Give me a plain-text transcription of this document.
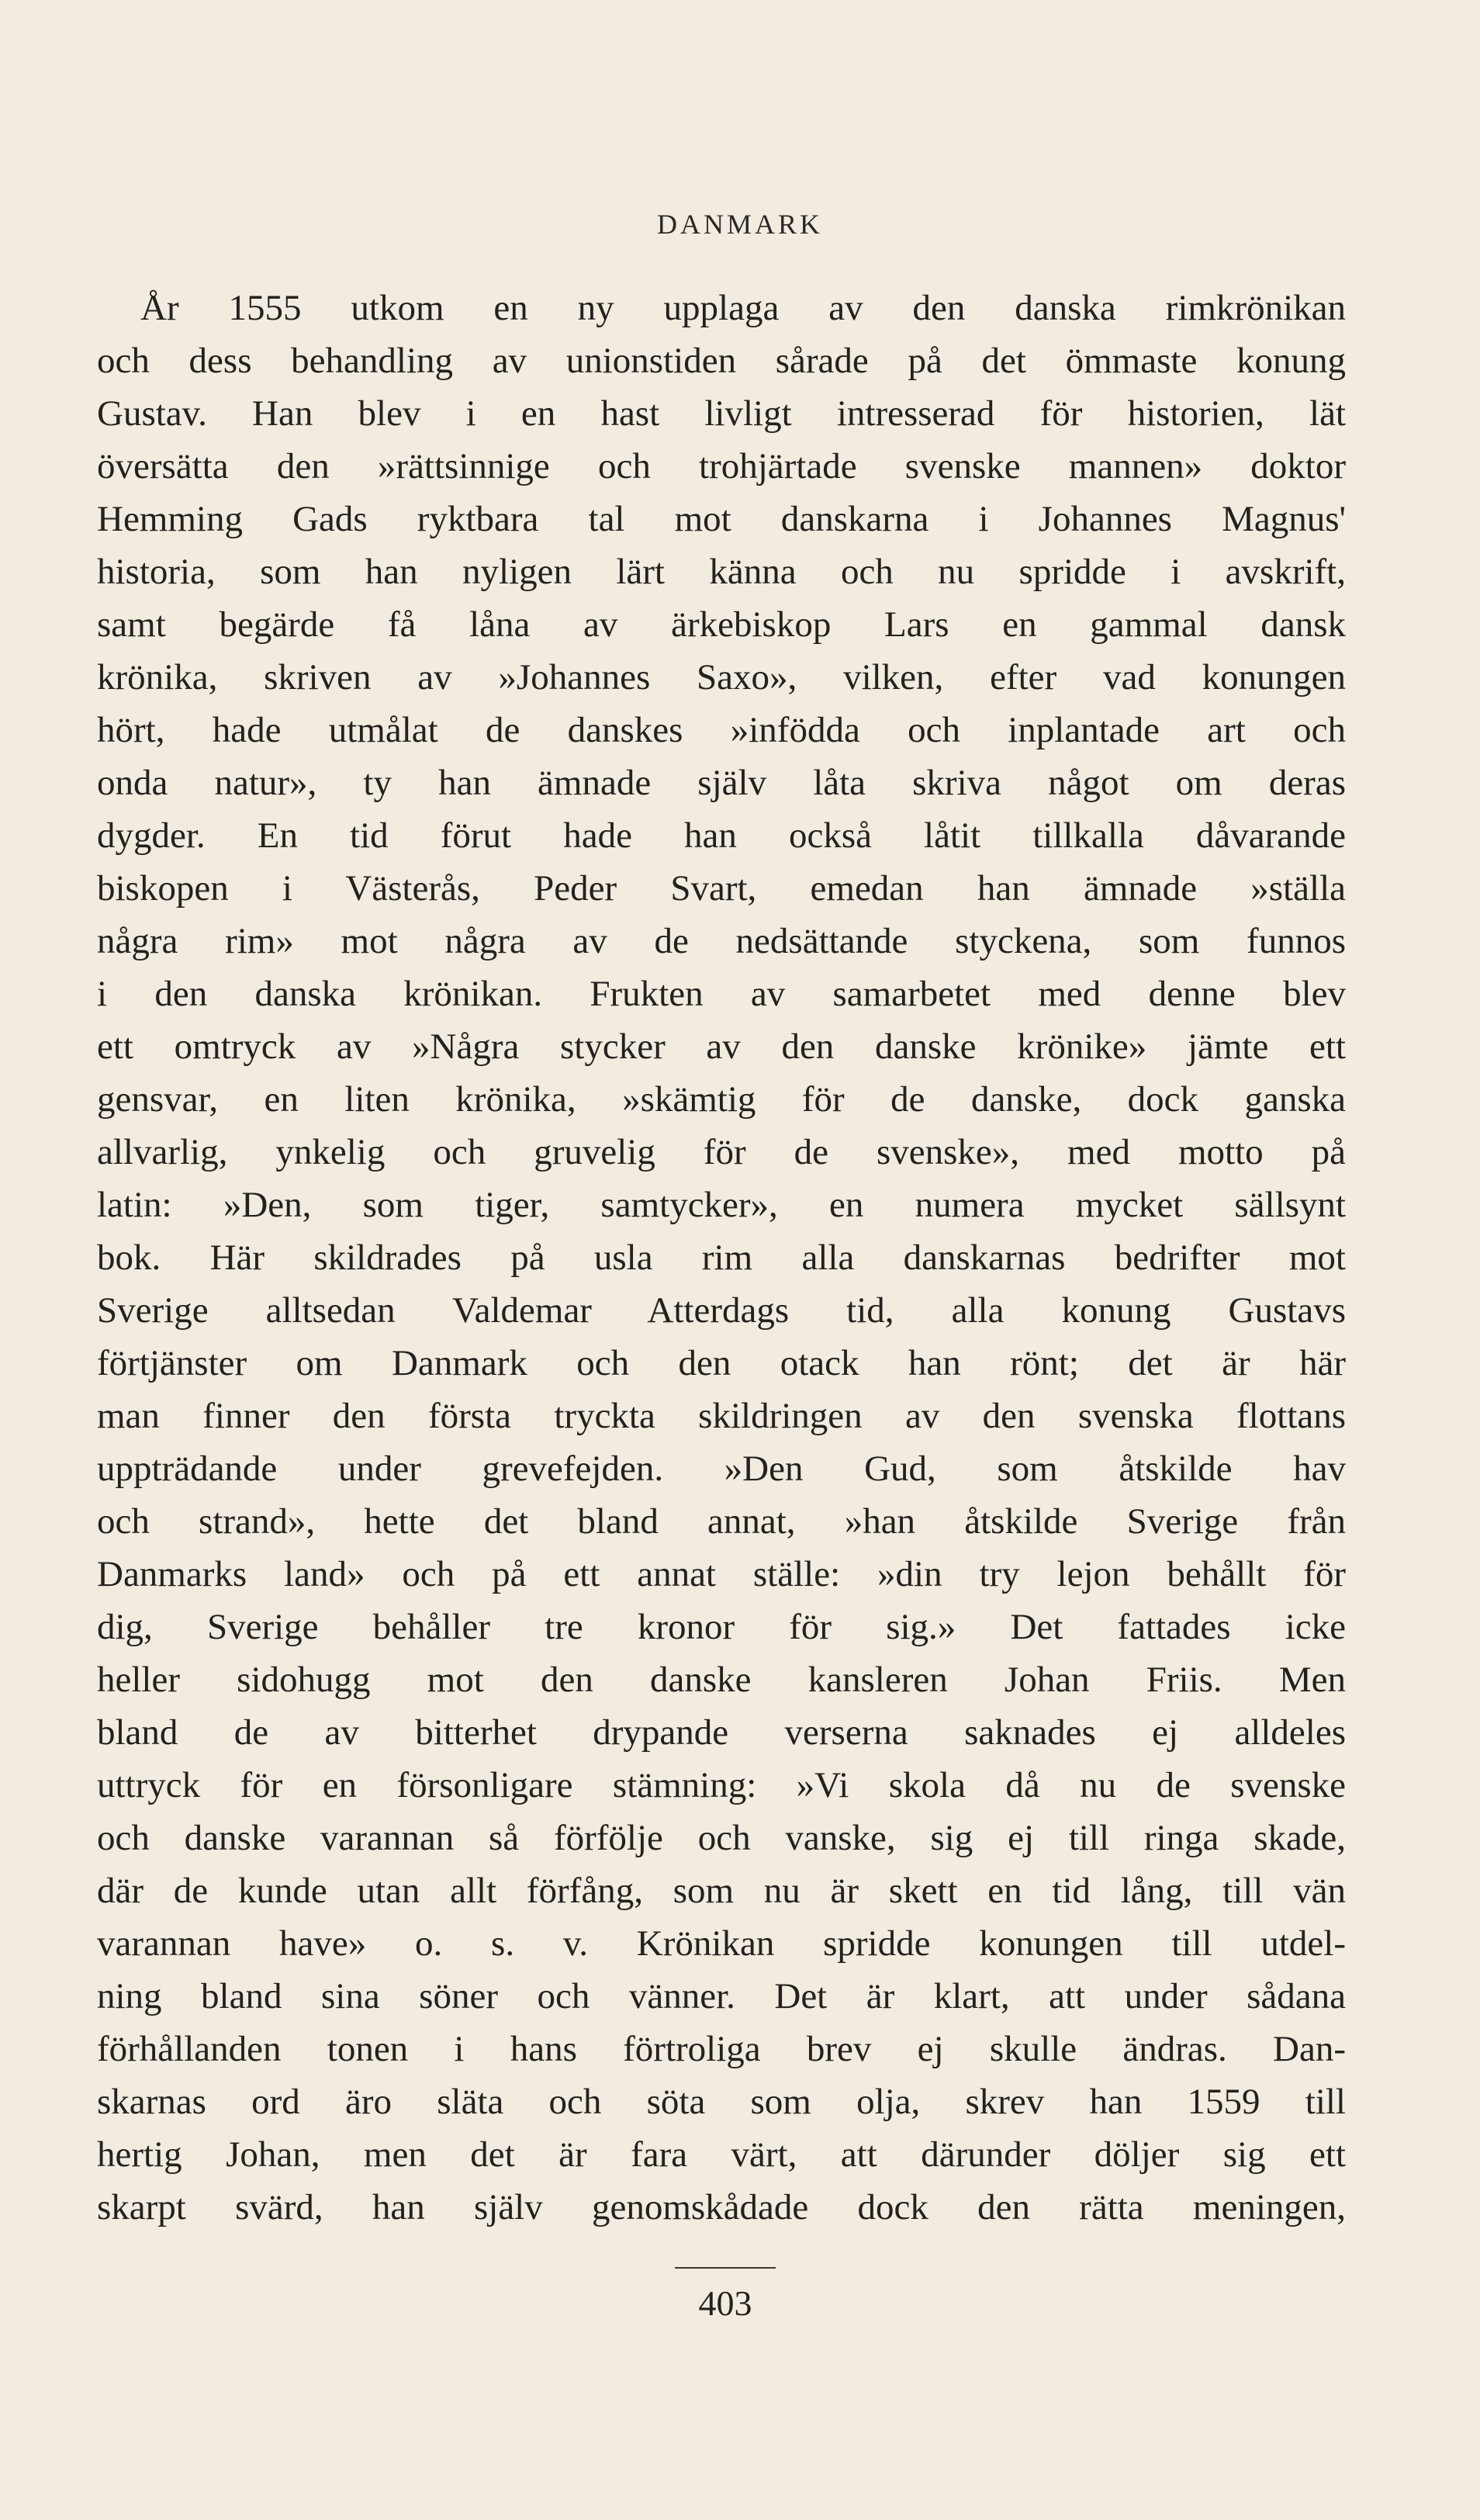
DANMARK
År 1555 utkom en ny upplaga av den danska rimkrönikan
och dess behandling av unionstiden sårade på det ömmaste konung
Gustav. Han blev i en hast livligt intresserad för historien, lät
översätta den »rättsinnige och trohjärtade svenske mannen» doktor
Hemming Gads ryktbara tal mot danskarna i Johannes Magnus'
historia, som han nyligen lärt känna och nu spridde i avskrift,
samt begärde få låna av ärkebiskop Lars en gammal dansk
krönika, skriven av »Johannes Saxo», vilken, efter vad konungen
hört, hade utmålat de danskes »infödda och inplantade art och
onda natur», ty han ämnade själv låta skriva något om deras
dygder. En tid förut hade han också låtit tillkalla dåvarande
biskopen i Västerås, Peder Svart, emedan han ämnade »ställa
några rim» mot några av de nedsättande styckena, som funnos
i den danska krönikan. Frukten av samarbetet med denne blev
ett omtryck av »Några stycker av den danske krönike» jämte ett
gensvar, en liten krönika, »skämtig för de danske, dock ganska
allvarlig, ynkelig och gruvelig för de svenske», med motto på
latin: »Den, som tiger, samtycker», en numera mycket sällsynt
bok. Här skildrades på usla rim alla danskarnas bedrifter mot
Sverige alltsedan Valdemar Atterdags tid, alla konung Gustavs
förtjänster om Danmark och den otack han rönt; det är här
man finner den första tryckta skildringen av den svenska flottans
uppträdande under grevefejden. »Den Gud, som åtskilde hav
och strand», hette det bland annat, »han åtskilde Sverige från
Danmarks land» och på ett annat ställe: »din try lejon behållt för
dig, Sverige behåller tre kronor för sig.» Det fattades icke
heller sidohugg mot den danske kansleren Johan Friis. Men
bland de av bitterhet drypande verserna saknades ej alldeles
uttryck för en försonligare stämning: »Vi skola då nu de svenske
och danske varannan så förfölje och vanske, sig ej till ringa skade,
där de kunde utan allt förfång, som nu är skett en tid lång, till vän
varannan have» o. s. v. Krönikan spridde konungen till utdel-
ning bland sina söner och vänner. Det är klart, att under sådana
förhållanden tonen i hans förtroliga brev ej skulle ändras. Dan-
skarnas ord äro släta och söta som olja, skrev han 1559 till
hertig Johan, men det är fara värt, att därunder döljer sig ett
skarpt svärd, han själv genomskådade dock den rätta meningen,
403
